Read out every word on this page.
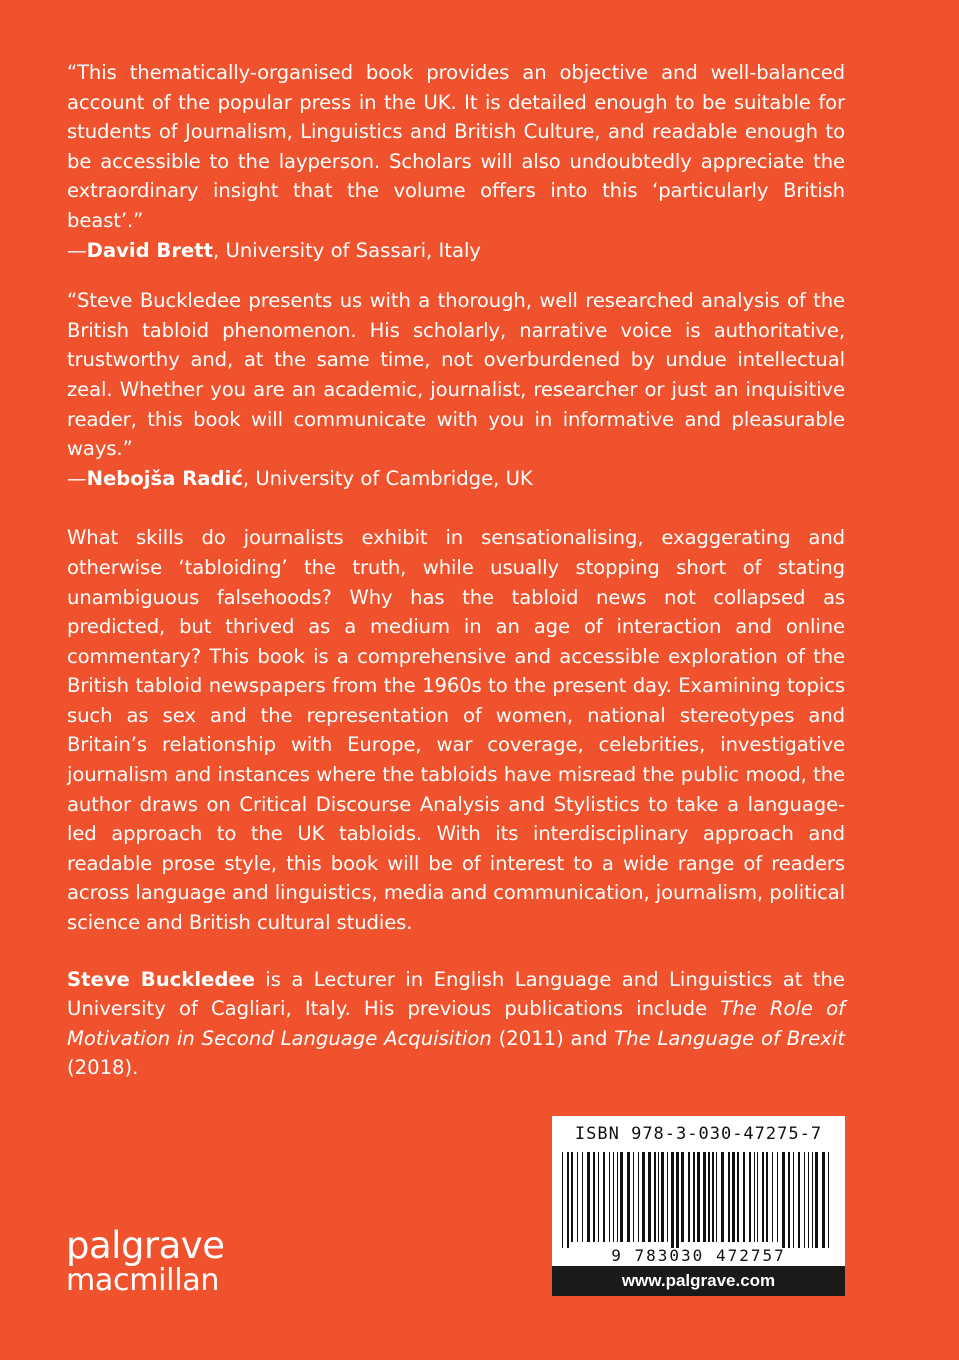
“This thematically-organised book provides an objective and well-balanced account of the popular press in the UK. It is detailed enough to be suitable for students of Journalism, Linguistics and British Culture, and readable enough to be accessible to the layperson. Scholars will also undoubtedly appreciate the extraordinary insight that the volume offers into this ‘particularly British beast’.”

—David Brett, University of Sassari, Italy

“Steve Buckledee presents us with a thorough, well researched analysis of the British tabloid phenomenon. His scholarly, narrative voice is authoritative, trustworthy and, at the same time, not overburdened by undue intellectual zeal. Whether you are an academic, journalist, researcher or just an inquisitive reader, this book will communicate with you in informative and pleasurable ways.”

—Nebojša Radić, University of Cambridge, UK

What skills do journalists exhibit in sensationalising, exaggerating and otherwise ‘tabloiding’ the truth, while usually stopping short of stating unambiguous falsehoods? Why has the tabloid news not collapsed as predicted, but thrived as a medium in an age of interaction and online commentary? This book is a comprehensive and accessible exploration of the British tabloid newspapers from the 1960s to the present day. Examining topics such as sex and the representation of women, national stereotypes and Britain’s relationship with Europe, war coverage, celebrities, investigative journalism and instances where the tabloids have misread the public mood, the author draws on Critical Discourse Analysis and Stylistics to take a language-led approach to the UK tabloids. With its interdisciplinary approach and readable prose style, this book will be of interest to a wide range of readers across language and linguistics, media and communication, journalism, political science and British cultural studies.

Steve Buckledee is a Lecturer in English Language and Linguistics at the University of Cagliari, Italy. His previous publications include The Role of Motivation in Second Language Acquisition (2011) and The Language of Brexit (2018).

palgrave
macmillan
ISBN 978-3-030-47275-7
9 783030 472757
www.palgrave.com
